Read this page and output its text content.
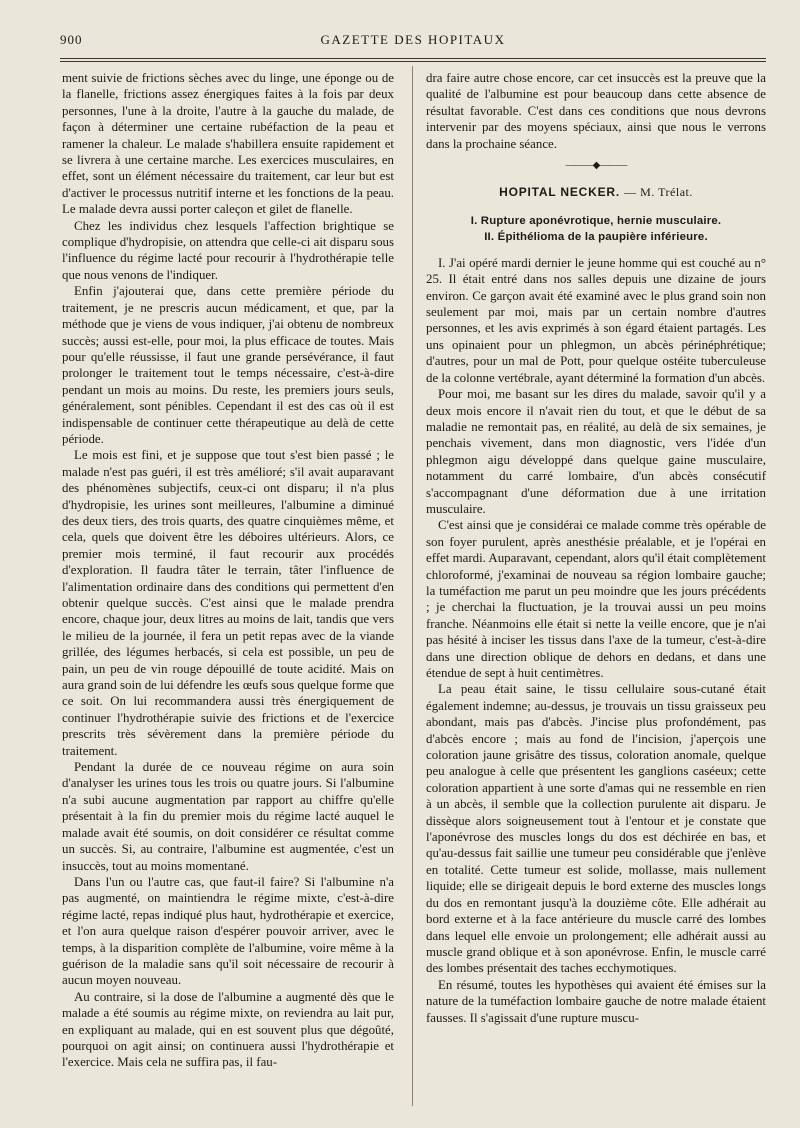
900	GAZETTE DES HOPITAUX

ment suivie de frictions sèches avec du linge, une éponge ou de la flanelle, frictions assez énergiques faites à la fois par deux personnes, l'une à la droite, l'autre à la gauche du malade, de façon à déterminer une certaine rubéfaction de la peau et ramener la chaleur. Le malade s'habillera ensuite rapidement et se livrera à une certaine marche. Les exercices musculaires, en effet, sont un élément nécessaire du traitement, car leur but est d'activer le processus nutritif interne et les fonctions de la peau. Le malade devra aussi porter caleçon et gilet de flanelle.

Chez les individus chez lesquels l'affection brightique se complique d'hydropisie, on attendra que celle-ci ait disparu sous l'influence du régime lacté pour recourir à l'hydrothérapie telle que nous venons de l'indiquer.

Enfin j'ajouterai que, dans cette première période du traitement, je ne prescris aucun médicament, et que, par la méthode que je viens de vous indiquer, j'ai obtenu de nombreux succès; aussi est-elle, pour moi, la plus efficace de toutes. Mais pour qu'elle réussisse, il faut une grande persévérance, il faut prolonger le traitement tout le temps nécessaire, c'est-à-dire pendant un mois au moins. Du reste, les premiers jours seuls, généralement, sont pénibles. Cependant il est des cas où il est indispensable de continuer cette thérapeutique au delà de cette période.

Le mois est fini, et je suppose que tout s'est bien passé ; le malade n'est pas guéri, il est très amélioré; s'il avait auparavant des phénomènes subjectifs, ceux-ci ont disparu; il n'a plus d'hydropisie, les urines sont meilleures, l'albumine a diminué des deux tiers, des trois quarts, des quatre cinquièmes même, et cela, quels que doivent être les déboires ultérieurs. Alors, ce premier mois terminé, il faut recourir aux procédés d'exploration. Il faudra tâter le terrain, tâter l'influence de l'alimentation ordinaire dans des conditions qui permettent d'en obtenir quelque succès. C'est ainsi que le malade prendra encore, chaque jour, deux litres au moins de lait, tandis que vers le milieu de la journée, il fera un petit repas avec de la viande grillée, des légumes herbacés, si cela est possible, un peu de pain, un peu de vin rouge dépouillé de toute acidité. Mais on aura grand soin de lui défendre les œufs sous quelque forme que ce soit. On lui recommandera aussi très énergiquement de continuer l'hydrothérapie suivie des frictions et de l'exercice prescrits très sévèrement dans la première période du traitement.

Pendant la durée de ce nouveau régime on aura soin d'analyser les urines tous les trois ou quatre jours. Si l'albumine n'a subi aucune augmentation par rapport au chiffre qu'elle présentait à la fin du premier mois du régime lacté auquel le malade avait été soumis, on doit considérer ce résultat comme un succès. Si, au contraire, l'albumine est augmentée, c'est un insuccès, tout au moins momentané.

Dans l'un ou l'autre cas, que faut-il faire? Si l'albumine n'a pas augmenté, on maintiendra le régime mixte, c'est-à-dire régime lacté, repas indiqué plus haut, hydrothérapie et exercice, et l'on aura quelque raison d'espérer pouvoir arriver, avec le temps, à la disparition complète de l'albumine, voire même à la guérison de la maladie sans qu'il soit nécessaire de recourir à aucun moyen nouveau.

Au contraire, si la dose de l'albumine a augmenté dès que le malade a été soumis au régime mixte, on reviendra au lait pur, en expliquant au malade, qui en est souvent plus que dégoûté, pourquoi on agit ainsi; on continuera aussi l'hydrothérapie et l'exercice. Mais cela ne suffira pas, il fau-

dra faire autre chose encore, car cet insuccès est la preuve que la qualité de l'albumine est pour beaucoup dans cette absence de résultat favorable. C'est dans ces conditions que nous devrons intervenir par des moyens spéciaux, ainsi que nous le verrons dans la prochaine séance.

———◆———
HOPITAL NECKER. — M. Trélat.
I. Rupture aponévrotique, hernie musculaire.
II. Épithélioma de la paupière inférieure.

I. J'ai opéré mardi dernier le jeune homme qui est couché au n° 25. Il était entré dans nos salles depuis une dizaine de jours environ. Ce garçon avait été examiné avec le plus grand soin non seulement par moi, mais par un certain nombre d'autres personnes, et les avis exprimés à son égard étaient partagés. Les uns opinaient pour un phlegmon, un abcès périnéphrétique; d'autres, pour un mal de Pott, pour quelque ostéite tuberculeuse de la colonne vertébrale, ayant déterminé la formation d'un abcès.

Pour moi, me basant sur les dires du malade, savoir qu'il y a deux mois encore il n'avait rien du tout, et que le début de sa maladie ne remontait pas, en réalité, au delà de six semaines, je penchais vivement, dans mon diagnostic, vers l'idée d'un phlegmon aigu développé dans quelque gaine musculaire, notamment du carré lombaire, d'un abcès consécutif s'accompagnant d'une déformation due à une irritation musculaire.

C'est ainsi que je considérai ce malade comme très opérable de son foyer purulent, après anesthésie préalable, et je l'opérai en effet mardi. Auparavant, cependant, alors qu'il était complètement chloroformé, j'examinai de nouveau sa région lombaire gauche; la tuméfaction me parut un peu moindre que les jours précédents ; je cherchai la fluctuation, je la trouvai aussi un peu moins franche. Néanmoins elle était si nette la veille encore, que je n'ai pas hésité à inciser les tissus dans l'axe de la tumeur, c'est-à-dire dans une direction oblique de dehors en dedans, et dans une étendue de sept à huit centimètres.

La peau était saine, le tissu cellulaire sous-cutané était également indemne; au-dessus, je trouvais un tissu graisseux peu abondant, mais pas d'abcès. J'incise plus profondément, pas d'abcès encore ; mais au fond de l'incision, j'aperçois une coloration jaune grisâtre des tissus, coloration anomale, quelque peu analogue à celle que présentent les ganglions caséeux; cette coloration appartient à une sorte d'amas qui ne ressemble en rien à un abcès, il semble que la collection purulente ait disparu. Je dissèque alors soigneusement tout à l'entour et je constate que l'aponévrose des muscles longs du dos est déchirée en bas, et qu'au-dessus fait saillie une tumeur peu considérable que j'enlève en totalité. Cette tumeur est solide, mollasse, mais nullement liquide; elle se dirigeait depuis le bord externe des muscles longs du dos en remontant jusqu'à la douzième côte. Elle adhérait au bord externe et à la face antérieure du muscle carré des lombes dans lequel elle envoie un prolongement; elle adhérait aussi au muscle grand oblique et à son aponévrose. Enfin, le muscle carré des lombes présentait des taches ecchymotiques.

En résumé, toutes les hypothèses qui avaient été émises sur la nature de la tuméfaction lombaire gauche de notre malade étaient fausses. Il s'agissait d'une rupture muscu-
